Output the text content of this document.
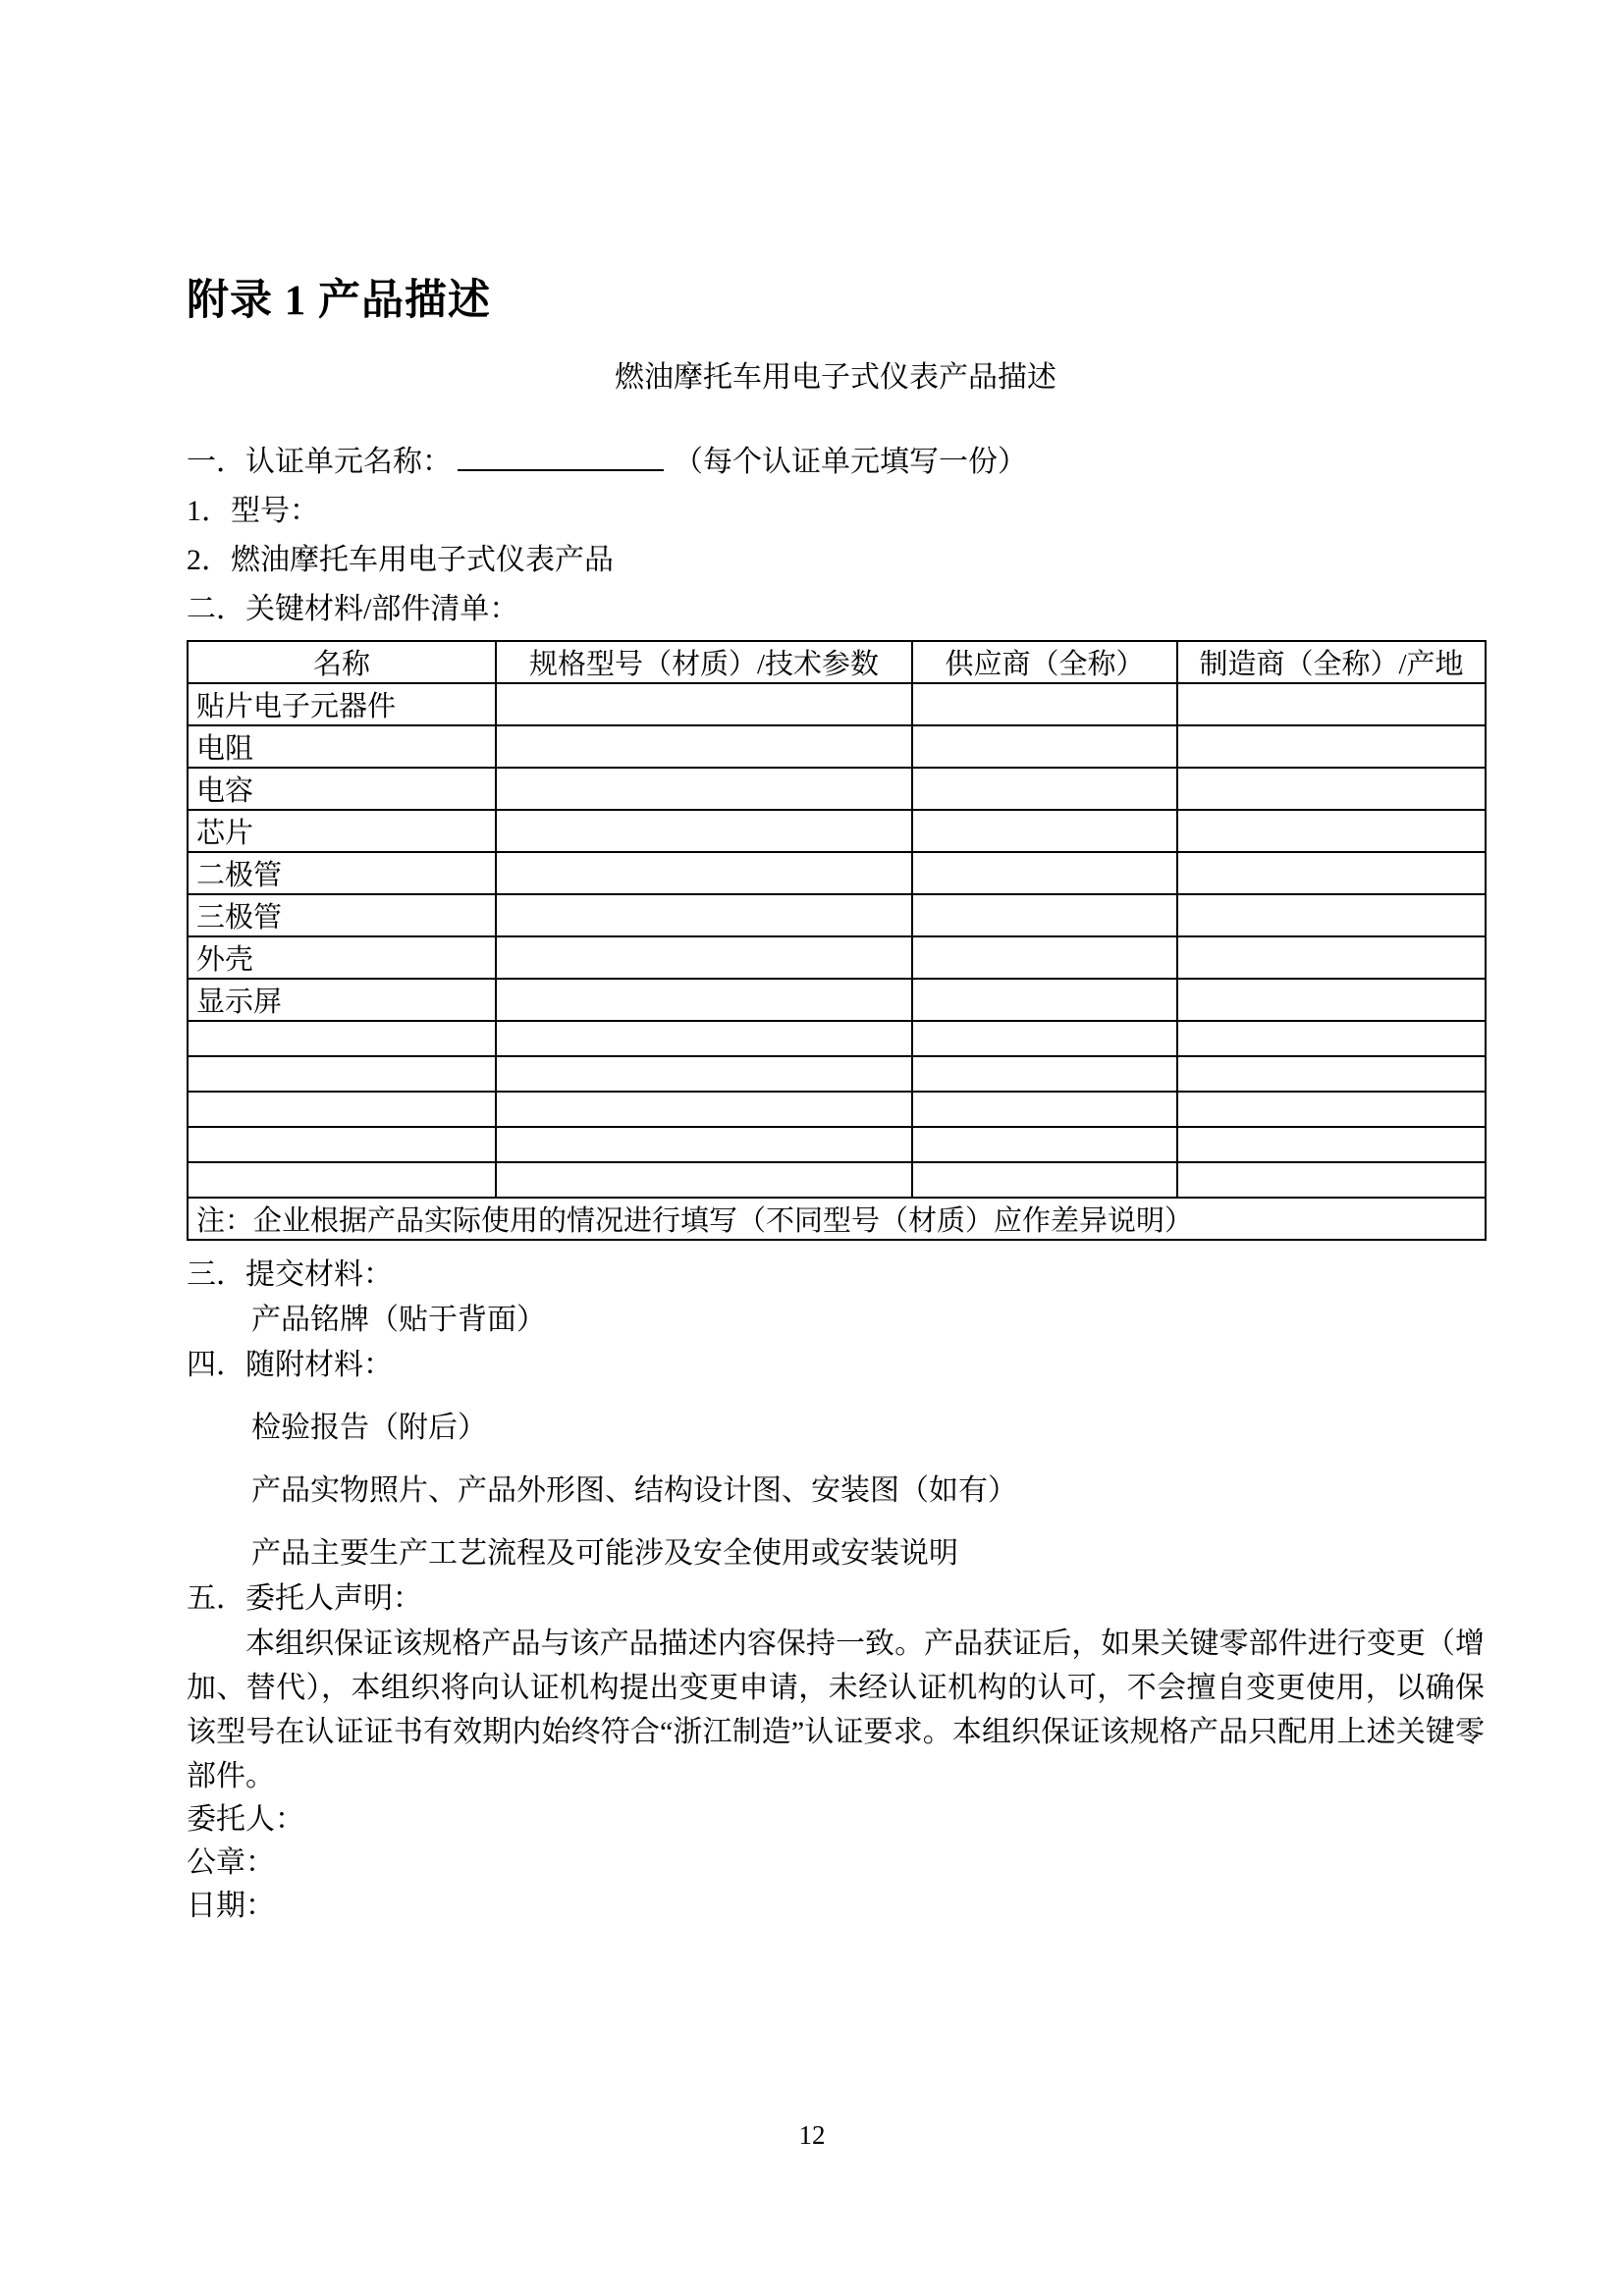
附录 1 产品描述
燃油摩托车用电子式仪表产品描述
一．认证单元名称：	（每个认证单元填写一份）
1．型号：
2．燃油摩托车用电子式仪表产品
二．关键材料/部件清单：
名称	规格型号（材质）/技术参数	供应商（全称）	制造商（全称）/产地
贴片电子元器件			
电阻			
电容			
芯片			
二极管			
三极管			
外壳			
显示屏			

注：企业根据产品实际使用的情况进行填写（不同型号（材质）应作差异说明）			
三．提交材料：
产品铭牌（贴于背面）
四．随附材料：
检验报告（附后）
产品实物照片、产品外形图、结构设计图、安装图（如有）
产品主要生产工艺流程及可能涉及安全使用或安装说明
五．委托人声明：

本组织保证该规格产品与该产品描述内容保持一致。产品获证后，如果关键零部件进行变更（增加、替代），本组织将向认证机构提出变更申请，未经认证机构的认可，不会擅自变更使用，以确保该型号在认证证书有效期内始终符合“浙江制造”认证要求。本组织保证该规格产品只配用上述关键零部件。

委托人：
公章：
日期：
12
